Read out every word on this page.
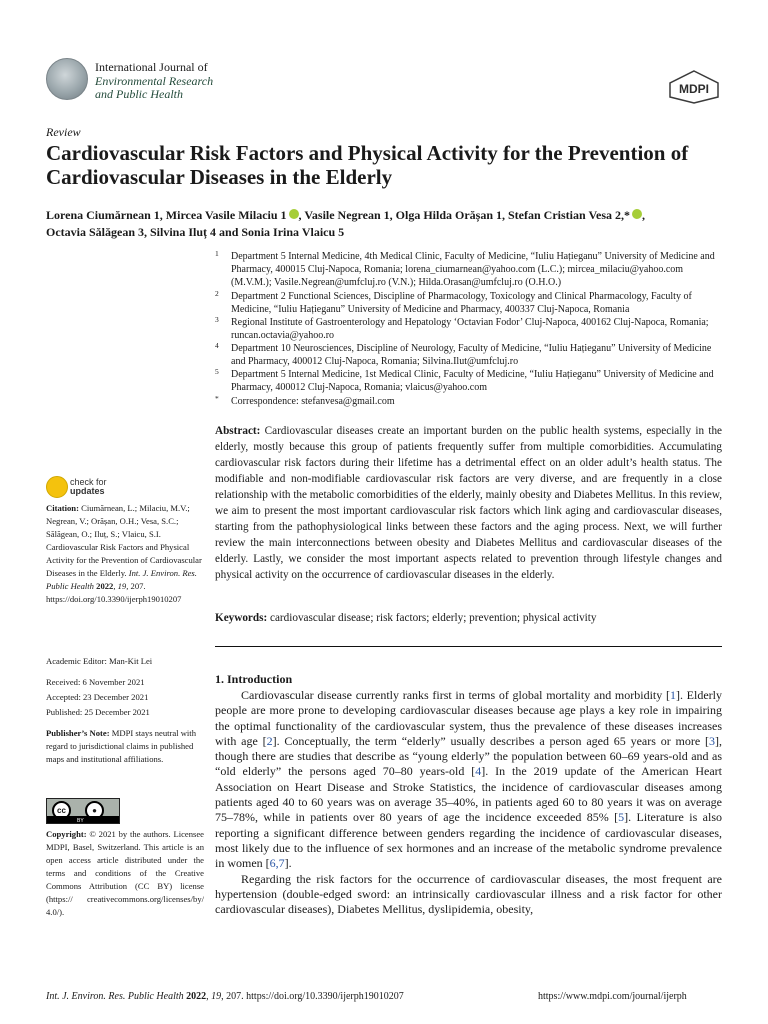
International Journal of
Environmental Research
and Public Health	MDPI
Review
Cardiovascular Risk Factors and Physical Activity for the Prevention of Cardiovascular Diseases in the Elderly
Lorena Ciumărnean 1, Mircea Vasile Milaciu 1 , Vasile Negrean 1, Olga Hilda Orășan 1, Stefan Cristian Vesa 2,* ,
Octavia Sălăgean 3, Silvina Iluț 4 and Sonia Irina Vlaicu 5
1	Department 5 Internal Medicine, 4th Medical Clinic, Faculty of Medicine, “Iuliu Hațieganu” University of Medicine and Pharmacy, 400015 Cluj-Napoca, Romania; lorena_ciumarnean@yahoo.com (L.C.); mircea_milaciu@yahoo.com (M.V.M.); Vasile.Negrean@umfcluj.ro (V.N.); Hilda.Orasan@umfcluj.ro (O.H.O.)
2	Department 2 Functional Sciences, Discipline of Pharmacology, Toxicology and Clinical Pharmacology, Faculty of Medicine, “Iuliu Hațieganu” University of Medicine and Pharmacy, 400337 Cluj-Napoca, Romania
3	Regional Institute of Gastroenterology and Hepatology ‘Octavian Fodor’ Cluj-Napoca, 400162 Cluj-Napoca, Romania; runcan.octavia@yahoo.ro
4	Department 10 Neurosciences, Discipline of Neurology, Faculty of Medicine, “Iuliu Hațieganu” University of Medicine and Pharmacy, 400012 Cluj-Napoca, Romania; Silvina.Ilut@umfcluj.ro
5	Department 5 Internal Medicine, 1st Medical Clinic, Faculty of Medicine, “Iuliu Hațieganu” University of Medicine and Pharmacy, 400012 Cluj-Napoca, Romania; vlaicus@yahoo.com
*	Correspondence: stefanvesa@gmail.com
Abstract: Cardiovascular diseases create an important burden on the public health systems, especially in the elderly, mostly because this group of patients frequently suffer from multiple comorbidities. Accumulating cardiovascular risk factors during their lifetime has a detrimental effect on an older adult’s health status. The modifiable and non-modifiable cardiovascular risk factors are very diverse, and are frequently in a close relationship with the metabolic comorbidities of the elderly, mainly obesity and Diabetes Mellitus. In this review, we aim to present the most important cardiovascular risk factors which link aging and cardiovascular diseases, starting from the pathophysiological links between these factors and the aging process. Next, we will further review the main interconnections between obesity and Diabetes Mellitus and cardiovascular diseases of the elderly. Lastly, we consider the most important aspects related to prevention through lifestyle changes and physical activity on the occurrence of cardiovascular diseases in the elderly.
Keywords: cardiovascular disease; risk factors; elderly; prevention; physical activity
1. Introduction

Cardiovascular disease currently ranks first in terms of global mortality and morbidity [1]. Elderly people are more prone to developing cardiovascular diseases because age plays a key role in impairing the optimal functionality of the cardiovascular system, thus the prevalence of these diseases increases with age [2]. Conceptually, the term “elderly” usually describes a person aged 65 years or more [3], though there are studies that describe as “young elderly” the population between 60–69 years-old and as “old elderly” the persons aged 70–80 years-old [4]. In the 2019 update of the American Heart Association on Heart Disease and Stroke Statistics, the incidence of cardiovascular diseases among patients aged 40 to 60 years was on average 35–40%, in patients aged 60 to 80 years it was on average 75–78%, while in patients over 80 years of age the incidence exceeded 85% [5]. Literature is also reporting a significant difference between genders regarding the incidence of cardiovascular diseases, most likely due to the influence of sex hormones and an increase of the metabolic syndrome prevalence in women [6,7].

Regarding the risk factors for the occurrence of cardiovascular diseases, the most frequent are hypertension (double-edged sword: an intrinsically cardiovascular illness and a risk factor for other cardiovascular diseases), Diabetes Mellitus, dyslipidemia, obesity,

check for
updates
Citation: Ciumărnean, L.; Milaciu, M.V.; Negrean, V.; Orășan, O.H.; Vesa, S.C.; Sălăgean, O.; Iluț, S.; Vlaicu, S.I. Cardiovascular Risk Factors and Physical Activity for the Prevention of Cardiovascular Diseases in the Elderly. Int. J. Environ. Res. Public Health 2022, 19, 207. https://doi.org/10.3390/ijerph19010207
Academic Editor: Man-Kit Lei
Received: 6 November 2021
Accepted: 23 December 2021
Published: 25 December 2021
Publisher’s Note: MDPI stays neutral with regard to jurisdictional claims in published maps and institutional affiliations.
cc	●
BY
Copyright: © 2021 by the authors. Licensee MDPI, Basel, Switzerland. This article is an open access article distributed under the terms and conditions of the Creative Commons Attribution (CC BY) license (https:// creativecommons.org/licenses/by/ 4.0/).
Int. J. Environ. Res. Public Health 2022, 19, 207. https://doi.org/10.3390/ijerph19010207	https://www.mdpi.com/journal/ijerph
